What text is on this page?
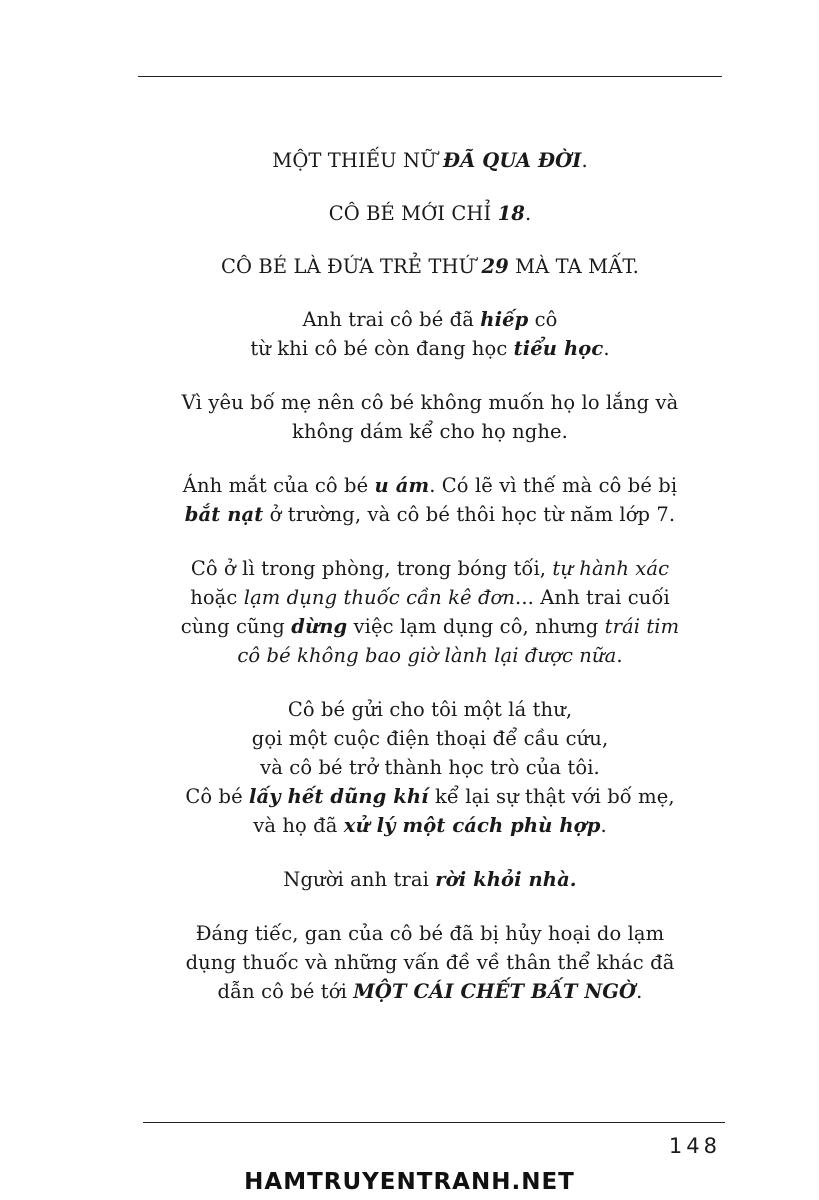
MỘT THIẾU NỮ ĐÃ QUA ĐỜI.
CÔ BÉ MỚI CHỈ 18.
CÔ BÉ LÀ ĐỨA TRẺ THỨ 29 MÀ TA MẤT.
Anh trai cô bé đã hiếp cô
từ khi cô bé còn đang học tiểu học.
Vì yêu bố mẹ nên cô bé không muốn họ lo lắng và
không dám kể cho họ nghe.
Ánh mắt của cô bé u ám. Có lẽ vì thế mà cô bé bị
bắt nạt ở trường, và cô bé thôi học từ năm lớp 7.
Cô ở lì trong phòng, trong bóng tối, tự hành xác
hoặc lạm dụng thuốc cần kê đơn... Anh trai cuối
cùng cũng dừng việc lạm dụng cô, nhưng trái tim
cô bé không bao giờ lành lại được nữa.
Cô bé gửi cho tôi một lá thư,
gọi một cuộc điện thoại để cầu cứu,
và cô bé trở thành học trò của tôi.
Cô bé lấy hết dũng khí kể lại sự thật với bố mẹ,
và họ đã xử lý một cách phù hợp.
Người anh trai rời khỏi nhà.
Đáng tiếc, gan của cô bé đã bị hủy hoại do lạm
dụng thuốc và những vấn đề về thân thể khác đã
dẫn cô bé tới MỘT CÁI CHẾT BẤT NGỜ.
148
HAMTRUYENTRANH.NET
